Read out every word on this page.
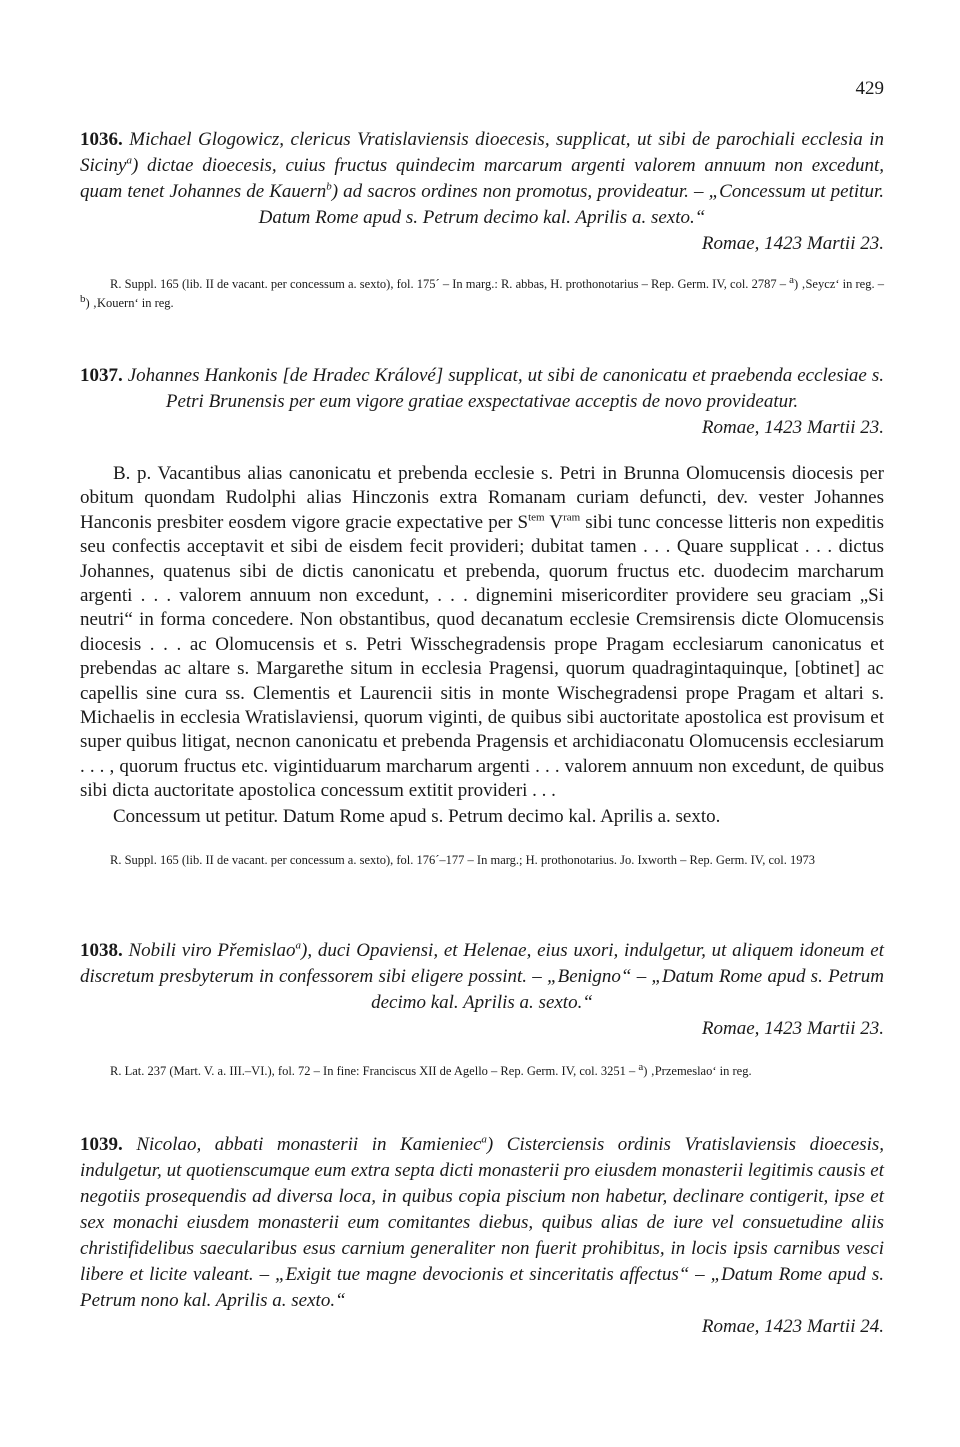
429

1036. Michael Glogowicz, clericus Vratislaviensis dioecesis, supplicat, ut sibi de parochiali ecclesia in Siciny$^a$) dictae dioecesis, cuius fructus quindecim marcarum argenti valorem annuum non excedunt, quam tenet Johannes de Kauern$^b$) ad sacros ordines non promotus, provideatur. – „Concessum ut petitur. Datum Rome apud s. Petrum decimo kal. Aprilis a. sexto.“

Romae, 1423 Martii 23.

R. Suppl. 165 (lib. II de vacant. per concessum a. sexto), fol. 175´ – In marg.: R. abbas, H. prothonotarius – Rep. Germ. IV, col. 2787 – $^a$) ‚Seycz‘ in reg. – $^b$) ‚Kouern‘ in reg.

1037. Johannes Hankonis [de Hradec Králové] supplicat, ut sibi de canonicatu et praebenda ecclesiae s. Petri Brunensis per eum vigore gratiae exspectativae acceptis de novo provideatur.

Romae, 1423 Martii 23.

B. p. Vacantibus alias canonicatu et prebenda ecclesie s. Petri in Brunna Olomucensis diocesis per obitum quondam Rudolphi alias Hinczonis extra Romanam curiam defuncti, dev. vester Johannes Hanconis presbiter eosdem vigore gracie expectative per $S^{tem}$ $V^{ram}$ sibi tunc concesse litteris non expeditis seu confectis acceptavit et sibi de eisdem fecit provideri; dubitat tamen . . . Quare supplicat . . . dictus Johannes, quatenus sibi de dictis canonicatu et prebenda, quorum fructus etc. duodecim marcharum argenti . . . valorem annuum non excedunt, . . . dignemini misericorditer providere seu graciam „Si neutri“ in forma concedere. Non obstantibus, quod decanatum ecclesie Cremsirensis dicte Olomucensis diocesis . . . ac Olomucensis et s. Petri Wisschegradensis prope Pragam ecclesiarum canonicatus et prebendas ac altare s. Margarethe situm in ecclesia Pragensi, quorum quadragintaquinque, [obtinet] ac capellis sine cura ss. Clementis et Laurencii sitis in monte Wischegradensi prope Pragam et altari s. Michaelis in ecclesia Wratislaviensi, quorum viginti, de quibus sibi auctoritate apostolica est provisum et super quibus litigat, necnon canonicatu et prebenda Pragensis et archidiaconatu Olomucensis ecclesiarum . . . , quorum fructus etc. vigintiduarum marcharum argenti . . . valorem annuum non excedunt, de quibus sibi dicta auctoritate apostolica concessum extitit provideri . . .

Concessum ut petitur. Datum Rome apud s. Petrum decimo kal. Aprilis a. sexto.

R. Suppl. 165 (lib. II de vacant. per concessum a. sexto), fol. 176´–177 – In marg.; H. prothonotarius. Jo. Ixworth – Rep. Germ. IV, col. 1973

1038. Nobili viro Přemislao$^a$), duci Opaviensi, et Helenae, eius uxori, indulgetur, ut aliquem idoneum et discretum presbyterum in confessorem sibi eligere possint. – „Benigno“ – „Datum Rome apud s. Petrum decimo kal. Aprilis a. sexto.“

Romae, 1423 Martii 23.

R. Lat. 237 (Mart. V. a. III.–VI.), fol. 72 – In fine: Franciscus XII de Agello – Rep. Germ. IV, col. 3251 – $^a$) ‚Przemeslao‘ in reg.

1039. Nicolao, abbati monasterii in Kamieniec$^a$) Cisterciensis ordinis Vratislaviensis dioecesis, indulgetur, ut quotienscumque eum extra septa dicti monasterii pro eiusdem monasterii legitimis causis et negotiis prosequendis ad diversa loca, in quibus copia piscium non habetur, declinare contigerit, ipse et sex monachi eiusdem monasterii eum comitantes diebus, quibus alias de iure vel consuetudine aliis christifidelibus saecularibus esus carnium generaliter non fuerit prohibitus, in locis ipsis carnibus vesci libere et licite valeant. – „Exigit tue magne devocionis et sinceritatis affectus“ – „Datum Rome apud s. Petrum nono kal. Aprilis a. sexto.“

Romae, 1423 Martii 24.
